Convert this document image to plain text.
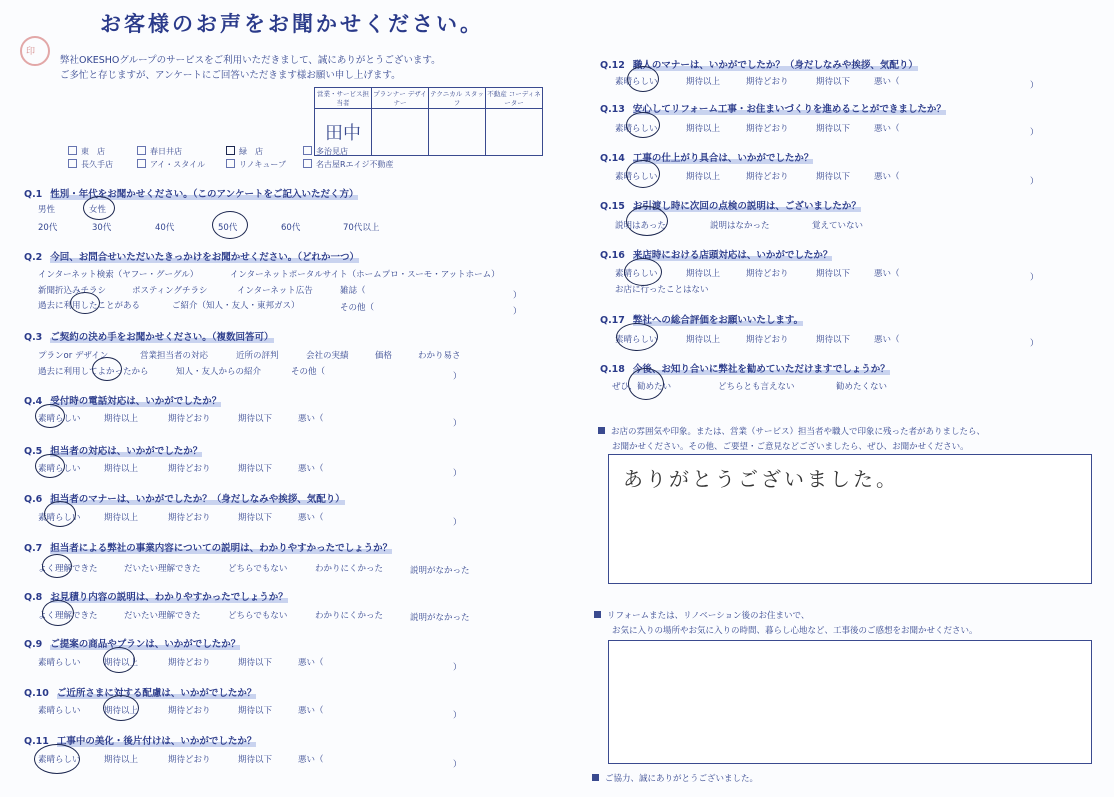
印
お客様のお声をお聞かせください。
弊社OKESHOグループのサービスをご利用いただきまして、誠にありがとうございます。
ご多忙と存じますが、アンケートにご回答いただきます様お願い申し上げます。
営業・サービス担当者	プランナー デザイナー	テクニカル スタッフ	不動産 コーディネーター
田中			
東　店	春日井店	緑　店	多治見店
長久手店	アイ・スタイル	リノキューブ	名古屋Rエイジ不動産
Q.1 性別・年代をお聞かせください。（このアンケートをご記入いただく方）
男性	女性
20代	30代	40代	50代	60代	70代以上
Q.2 今回、お問合せいただいたきっかけをお聞かせください。（どれか一つ）
インターネット検索（ヤフー・グーグル）	インターネットポータルサイト（ホームプロ・スーモ・アットホーム）
新聞折込みチラシ	ポスティングチラシ	インターネット広告	雑誌（	）
過去に利用したことがある	ご紹介（知人・友人・東邦ガス）	その他（	）
Q.3 ご契約の決め手をお聞かせください。（複数回答可）
プランor デザイン	営業担当者の対応	近所の評判	会社の実績	価格	わかり易さ
過去に利用してよかったから	知人・友人からの紹介	その他（	）
Q.4 受付時の電話対応は、いかがでしたか？
素晴らしい	期待以上	期待どおり	期待以下	悪い（	）
Q.5 担当者の対応は、いかがでしたか？
素晴らしい	期待以上	期待どおり	期待以下	悪い（	）
Q.6 担当者のマナーは、いかがでしたか？（身だしなみや挨拶、気配り）
素晴らしい	期待以上	期待どおり	期待以下	悪い（	）
Q.7 担当者による弊社の事業内容についての説明は、わかりやすかったでしょうか？
よく理解できた	だいたい理解できた	どちらでもない	わかりにくかった	説明がなかった
Q.8 お見積り内容の説明は、わかりやすかったでしょうか？
よく理解できた	だいたい理解できた	どちらでもない	わかりにくかった	説明がなかった
Q.9 ご提案の商品やプランは、いかがでしたか？
素晴らしい	期待以上	期待どおり	期待以下	悪い（	）
Q.10 ご近所さまに対する配慮は、いかがでしたか？
素晴らしい	期待以上	期待どおり	期待以下	悪い（	）
Q.11 工事中の美化・後片付けは、いかがでしたか？
素晴らしい	期待以上	期待どおり	期待以下	悪い（	）
Q.12 職人のマナーは、いかがでしたか？（身だしなみや挨拶、気配り）
素晴らしい	期待以上	期待どおり	期待以下	悪い（	）
Q.13 安心してリフォーム工事・お住まいづくりを進めることができましたか？
素晴らしい	期待以上	期待どおり	期待以下	悪い（	）
Q.14 工事の仕上がり具合は、いかがでしたか？
素晴らしい	期待以上	期待どおり	期待以下	悪い（	）
Q.15 お引渡し時に次回の点検の説明は、ございましたか？
説明はあった	説明はなかった	覚えていない
Q.16 来店時における店頭対応は、いかがでしたか？
素晴らしい	期待以上	期待どおり	期待以下	悪い（	）
お店に行ったことはない
Q.17 弊社への総合評価をお願いいたします。
素晴らしい	期待以上	期待どおり	期待以下	悪い（	）
Q.18 今後、お知り合いに弊社を勧めていただけますでしょうか？
ぜひ、勧めたい	どちらとも言えない	勧めたくない
お店の雰囲気や印象。または、営業（サービス）担当者や職人で印象に残った者がありましたら、
お聞かせください。その他、ご要望・ご意見などございましたら、ぜひ、お聞かせください。
ありがとうございました。
リフォームまたは、リノベーション後のお住まいで、
お気に入りの場所やお気に入りの時間、暮らし心地など、工事後のご感想をお聞かせください。
ご協力、誠にありがとうございました。
